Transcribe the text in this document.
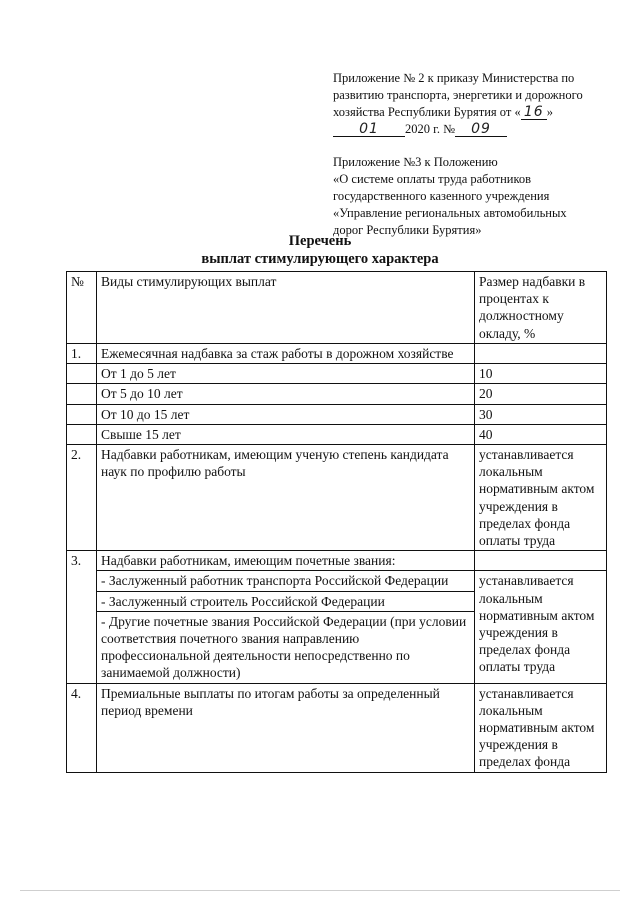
Приложение № 2 к приказу Министерства по

развитию транспорта, энергетики и дорожного

хозяйства Республики Бурятия от « 16 »

01 2020 г. № 09

Приложение №3 к Положению

«О системе оплаты труда работников

государственного казенного учреждения

«Управление региональных автомобильных

дорог Республики Бурятия»

Перечень
выплат стимулирующего характера
№	Виды стимулирующих выплат	Размер надбавки в процентах к должностному окладу, %
1.	Ежемесячная надбавка за стаж работы в дорожном хозяйстве	
	От 1 до 5 лет	10
	От 5 до 10 лет	20
	От 10 до 15 лет	30
	Свыше 15 лет	40
2.	Надбавки работникам, имеющим ученую степень кандидата наук по профилю работы	устанавливается локальным нормативным актом учреждения в пределах фонда оплаты труда
3.	Надбавки работникам, имеющим почетные звания:	
	- Заслуженный работник транспорта Российской Федерации	устанавливается локальным нормативным актом учреждения в пределах фонда оплаты труда
	- Заслуженный строитель Российской Федерации	
	- Другие почетные звания Российской Федерации (при условии соответствия почетного звания направлению профессиональной деятельности непосредственно по занимаемой должности)	
4.	Премиальные выплаты по итогам работы за определенный период времени	устанавливается локальным нормативным актом учреждения в пределах фонда
